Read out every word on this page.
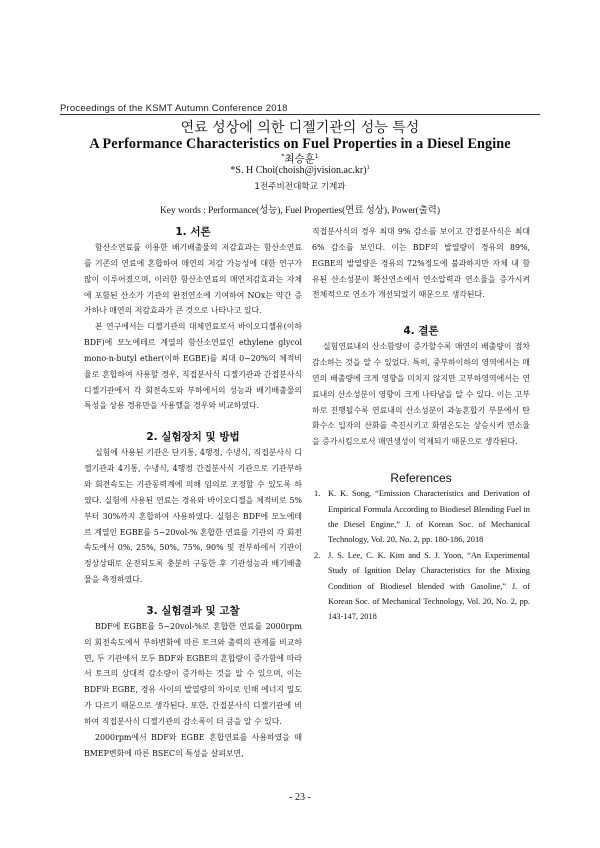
Proceedings of the KSMT Autumn Conference 2018
연료 성상에 의한 디젤기관의 성능 특성
A Performance Characteristics on Fuel Properties in a Diesel Engine
*최승훈$^1$
*S. H Choi(choish@jvision.ac.kr)$^1$
1전주비전대학교 기계과
Key words : Performance(성능), Fuel Properties(연료 성상), Power(출력)
1. 서론

함산소연료를 이용한 배기배출물의 저감효과는 함산소연료를 기존의 연료에 혼합하여 매연의 저감 가능성에 대한 연구가 많이 이루어졌으며, 이러한 함산소연료의 매연저감효과는 자체에 포함된 산소가 기관의 완전연소에 기여하여 NOx는 약간 증가하나 매연의 저감효과가 큰 것으로 나타나고 있다.

본 연구에서는 디젤기관의 대체연료로서 바이오디젤유(이하 BDF)에 모노에테르 계열의 함산소연료인 ethylene glycol mono-n-butyl ether(이하 EGBE)를 최대 0~20%의 체적비율로 혼합하여 사용할 경우, 직접분사식 디젤기관과 간접분사식 디젤기관에서 각 회전속도와 부하에서의 성능과 배기배출물의 특성을 상용 경유만을 사용했을 경우와 비교하였다.

2. 실험장치 및 방법

실험에 사용된 기관은 단기통, 4행정, 수냉식, 직접분사식 디젤기관과 4기통, 수냉식, 4행정 간접분사식 기관으로 기관부하와 회전속도는 기관동력계에 의해 임의로 조정할 수 있도록 하였다. 실험에 사용된 연료는 경유와 바이오디젤을 체적비로 5%부터 30%까지 혼합하여 사용하였다. 실험은 BDF에 모노에테르 계열인 EGBE를 5~20vol-% 혼합한 연료를 기관의 각 회전속도에서 0%, 25%, 50%, 75%, 90% 및 전부하에서 기관이 정상상태로 운전되도록 충분히 구동한 후 기관성능과 배기배출물을 측정하였다.

3. 실험결과 및 고찰

BDF에 EGBE를 5~20vol-%로 혼합한 연료를 2000rpm의 회전속도에서 부하변화에 따른 토크와 출력의 관계를 비교하면, 두 기관에서 모두 BDF와 EGBE의 혼합량이 증가함에 따라서 토크의 상대적 감소량이 증가하는 것을 알 수 있으며, 이는 BDF와 EGBE, 경유 사이의 발열량의 차이로 인해 에너지 밀도가 다르기 때문으로 생각된다. 또한, 간접분사식 디젤기관에 비하여 직접분사식 디젤기관의 감소폭이 더 큼을 알 수 있다.

2000rpm에서 BDF와 EGBE 혼합연료를 사용하였을 때 BMEP변화에 따른 BSEC의 특성을 살펴보면,

직접분사식의 경우 최대 9% 감소를 보이고 간접분사식은 최대 6% 감소를 보인다. 이는 BDF의 발열량이 경유의 89%, EGBE의 발열량은 경유의 72%정도에 불과하지만 자체 내 함유된 산소성분이 확산연소에서 연소압력과 연소율을 증가시켜 전체적으로 연소가 개선되었기 때문으로 생각된다.

4. 결론

실험연료내의 산소함량이 증가할수록 매연의 배출량이 점차 감소하는 것을 알 수 있었다. 특히, 중부하이하의 영역에서는 매연의 배출량에 크게 영향을 미치지 않지만 고부하영역에서는 연료내의 산소성분이 영향이 크게 나타남을 알 수 있다. 이는 고부하로 진행될수록 연료내의 산소성분이 과농혼합기 부분에서 탄화수소 입자의 산화를 촉진시키고 화염온도는 상승시켜 연소율을 증가시킴으로서 매연생성이 억제되기 때문으로 생각된다.

References
1. K. K. Song, “Emission Characteristics and Derivation of Empirical Formula According to Biodiesel Blending Fuel in the Diesel Engine,” J. of Korean Soc. of Mechanical Technology, Vol. 20, No. 2, pp. 180-186, 2018
2. J. S. Lee, C. K. Kim and S. J. Yoon, “An Experimental Study of Ignition Delay Characteristics for the Mixing Condition of Biodiesel blended with Gasoline,” J. of Korean Soc. of Mechanical Technology, Vol. 20, No. 2, pp. 143-147, 2018
- 23 -
